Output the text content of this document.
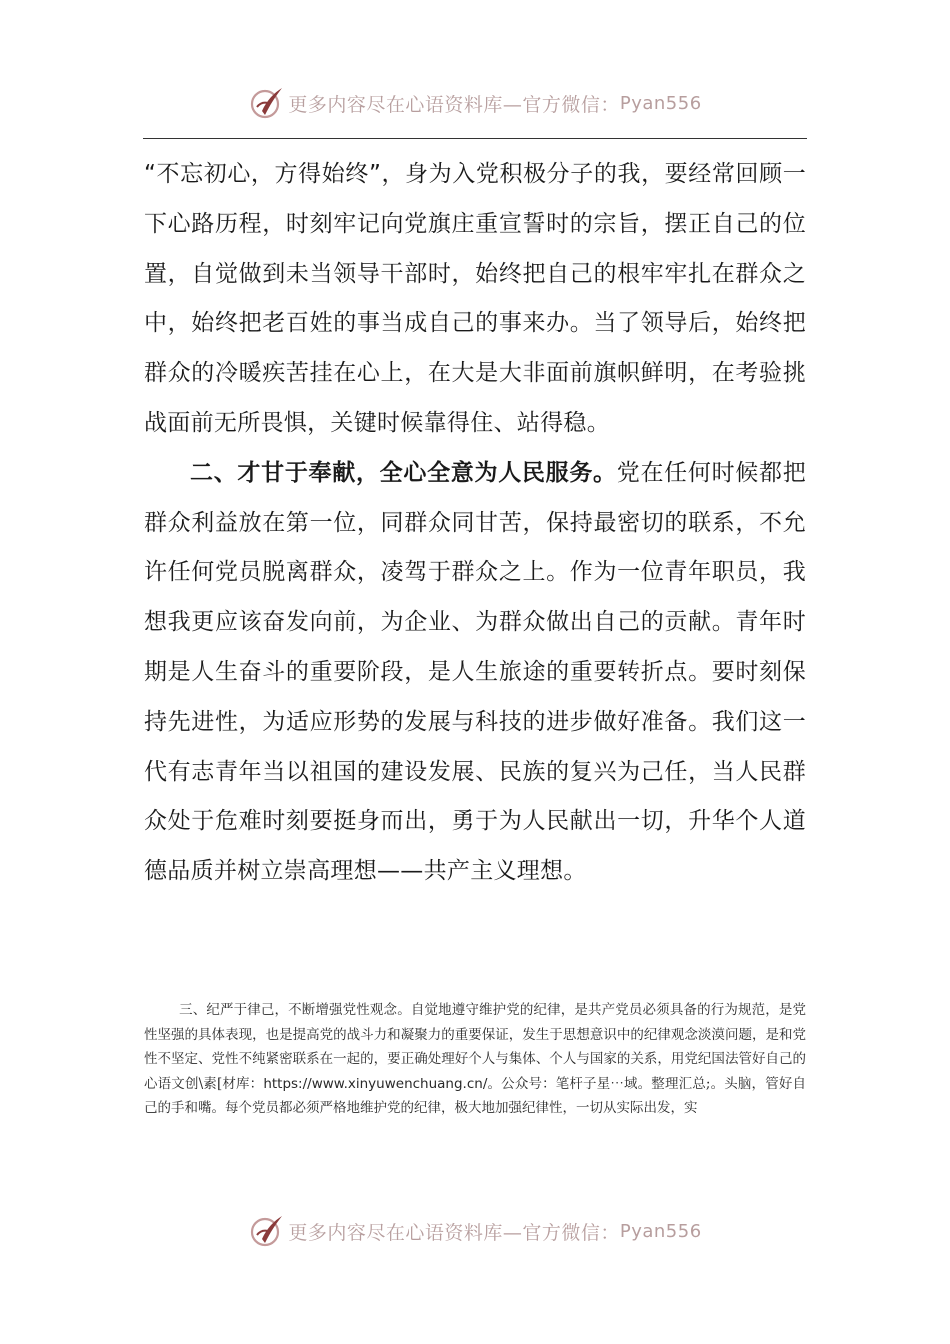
更多内容尽在心语资料库—官方微信： Pyan556

“不忘初心，方得始终”，身为入党积极分子的我，要经常回顾一下心路历程，时刻牢记向党旗庄重宣誓时的宗旨，摆正自己的位置，自觉做到未当领导干部时，始终把自己的根牢牢扎在群众之中，始终把老百姓的事当成自己的事来办。当了领导后，始终把群众的冷暖疾苦挂在心上，在大是大非面前旗帜鲜明，在考验挑战面前无所畏惧，关键时候靠得住、站得稳。

二、才甘于奉献，全心全意为人民服务。党在任何时候都把群众利益放在第一位，同群众同甘苦，保持最密切的联系，不允许任何党员脱离群众，凌驾于群众之上。作为一位青年职员，我想我更应该奋发向前，为企业、为群众做出自己的贡献。青年时期是人生奋斗的重要阶段，是人生旅途的重要转折点。要时刻保持先进性，为适应形势的发展与科技的进步做好准备。我们这一代有志青年当以祖国的建设发展、民族的复兴为己任，当人民群众处于危难时刻要挺身而出，勇于为人民献出一切，升华个人道德品质并树立崇高理想——共产主义理想。

三、纪严于律己，不断增强党性观念。自觉地遵守维护党的纪律，是共产党员必须具备的行为规范，是党性坚强的具体表现，也是提高党的战斗力和凝聚力的重要保证，发生于思想意识中的纪律观念淡漠问题，是和党性不坚定、党性不纯紧密联系在一起的，要正确处理好个人与集体、个人与国家的关系，用党纪国法管好自己的心语文创\素[材库：https://www.xinyuwenchuang.cn/。公众号：笔杆子星⋯域。整理汇总;。头脑，管好自己的手和嘴。每个党员都必须严格地维护党的纪律，极大地加强纪律性，一切从实际出发，实
更多内容尽在心语资料库—官方微信： Pyan556
